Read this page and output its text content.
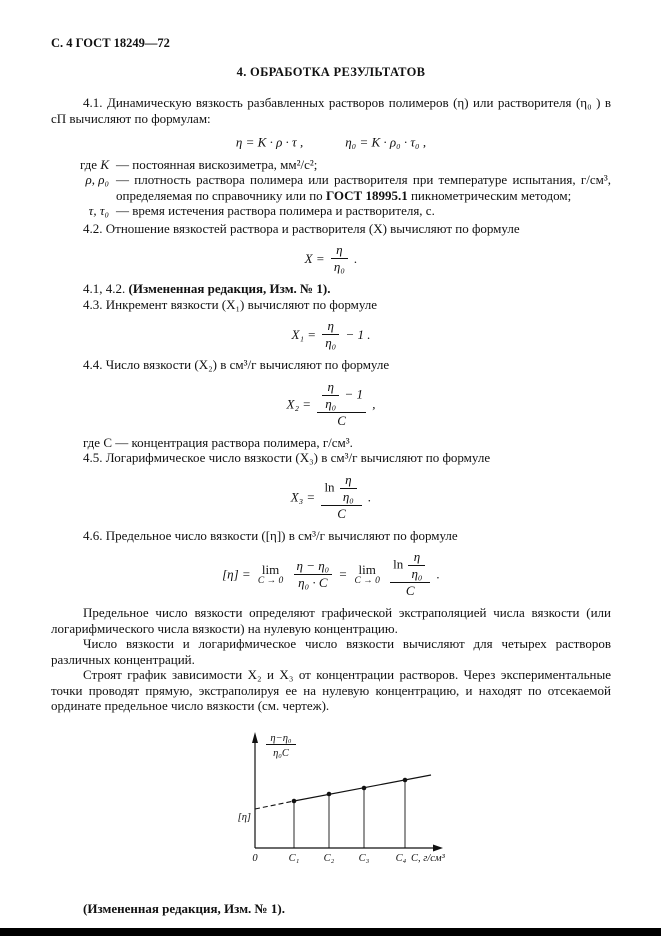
С. 4 ГОСТ 18249—72
4. ОБРАБОТКА РЕЗУЛЬТАТОВ

4.1. Динамическую вязкость разбавленных растворов полимеров (η) или растворителя (η₀ ) в сП вычисляют по формулам:

η = K · ρ · τ ,	η₀ = K · ρ₀ · τ₀ ,
где K — постоянная вискозиметра, мм²/с²;
ρ, ρ₀ — плотность раствора полимера или растворителя при температуре испытания, г/см³, определяемая по справочнику или по ГОСТ 18995.1 пикнометрическим методом;
τ, τ₀ — время истечения раствора полимера и растворителя, с.

4.2. Отношение вязкостей раствора и растворителя (X) вычисляют по формуле

$X = \frac{\eta}{\text{η₀}}$ .

4.1, 4.2. (Измененная редакция, Изм. № 1).

4.3. Инкремент вязкости (X₁) вычисляют по формуле

$X_1 = \frac{\eta}{\text{η₀}} - 1$ .

4.4. Число вязкости (X₂) в см³/г вычисляют по формуле

$X_2 = \frac{\frac{\eta}{\text{η₀}} - 1}{C}$ ,

где С — концентрация раствора полимера, г/см³.

4.5. Логарифмическое число вязкости (X₃) в см³/г вычисляют по формуле

$X_3 = \frac{\ln \frac{\eta}{\text{η₀}}}{C}$ .

4.6. Предельное число вязкости ([η]) в см³/г вычисляют по формуле

[η] = lim
C → 0
$\frac{\text{η − η₀}}{\text{η₀ · C}} = \lim$
C → 0
$\frac{\ln \frac{\eta}{\text{η₀}}}{C}$ .

Предельное число вязкости определяют графической экстраполяцией числа вязкости (или логарифмического числа вязкости) на нулевую концентрацию.

Число вязкости и логарифмическое число вязкости вычисляют для четырех растворов различных концентраций.

Строят график зависимости X₂ и X₃ от концентрации растворов. Через экспериментальные точки проводят прямую, экстраполируя ее на нулевую концентрацию, и находят по отсекаемой ординате предельное число вязкости (см. чертеж).

η−η₀
η₀C
[η]
0	C₁ C₂ C₃	C₄ C, г/см³

(Измененная редакция, Изм. № 1).
